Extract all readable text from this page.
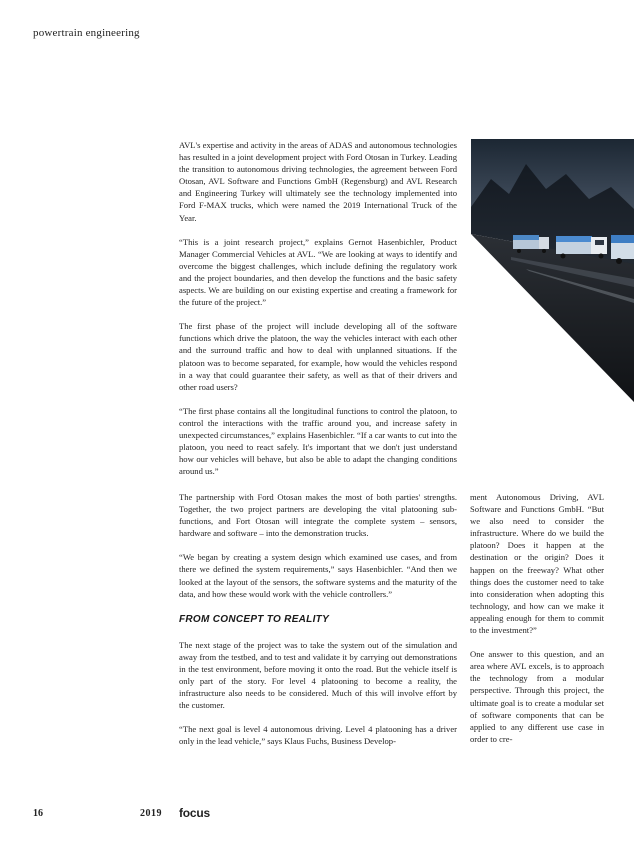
powertrain engineering

AVL's expertise and activity in the areas of ADAS and autonomous technologies has resulted in a joint development project with Ford Otosan in Turkey. Leading the transition to autonomous driving technologies, the agreement between Ford Otosan, AVL Software and Functions GmbH (Regensburg) and AVL Research and Engineering Turkey will ultimately see the technology implemented into Ford F-MAX trucks, which were named the 2019 International Truck of the Year.

“This is a joint research project,” explains Gernot Hasenbichler, Product Manager Commercial Vehicles at AVL. “We are looking at ways to identify and overcome the biggest challenges, which include defining the regulatory work and the project boundaries, and then develop the functions and the basic safety aspects. We are building on our existing expertise and creating a framework for the future of the project.”

The first phase of the project will include developing all of the software functions which drive the platoon, the way the vehicles interact with each other and the surround traffic and how to deal with unplanned situations. If the platoon was to become separated, for example, how would the vehicles respond in a way that could guarantee their safety, as well as that of their drivers and other road users?

“The first phase contains all the longitudinal functions to control the platoon, to control the interactions with the traffic around you, and increase safety in unexpected circumstances,” explains Hasenbichler. “If a car wants to cut into the platoon, you need to react safely. It's important that we don't just understand how our vehicles will behave, but also be able to adapt the changing conditions around us.”

The partnership with Ford Otosan makes the most of both parties' strengths. Together, the two project partners are developing the vital platooning sub-functions, and Fort Otosan will integrate the complete system – sensors, hardware and software – into the demonstration trucks.

“We began by creating a system design which examined use cases, and from there we defined the system requirements,” says Hasenbichler. “And then we looked at the layout of the sensors, the software systems and the maturity of the data, and how these would work with the vehicle controllers.”

FROM CONCEPT TO REALITY

The next stage of the project was to take the system out of the simulation and away from the testbed, and to test and validate it by carrying out demonstrations in the test environment, before moving it onto the road. But the vehicle itself is only part of the story. For level 4 platooning to become a reality, the infrastructure also needs to be considered. Much of this will involve effort by the customer.

“The next goal is level 4 autonomous driving. Level 4 platooning has a driver only in the lead vehicle,” says Klaus Fuchs, Business Develop-

ment Autonomous Driving, AVL Software and Functions GmbH. “But we also need to consider the infrastructure. Where do we build the platoon? Does it happen at the destination or the origin? Does it happen on the freeway? What other things does the customer need to take into consideration when adopting this technology, and how can we make it appealing enough for them to commit to the investment?”

One answer to this question, and an area where AVL excels, is to approach the technology from a modular perspective. Through this project, the ultimate goal is to create a modular set of software components that can be applied to any different use case in order to cre-

16	2019 focus
